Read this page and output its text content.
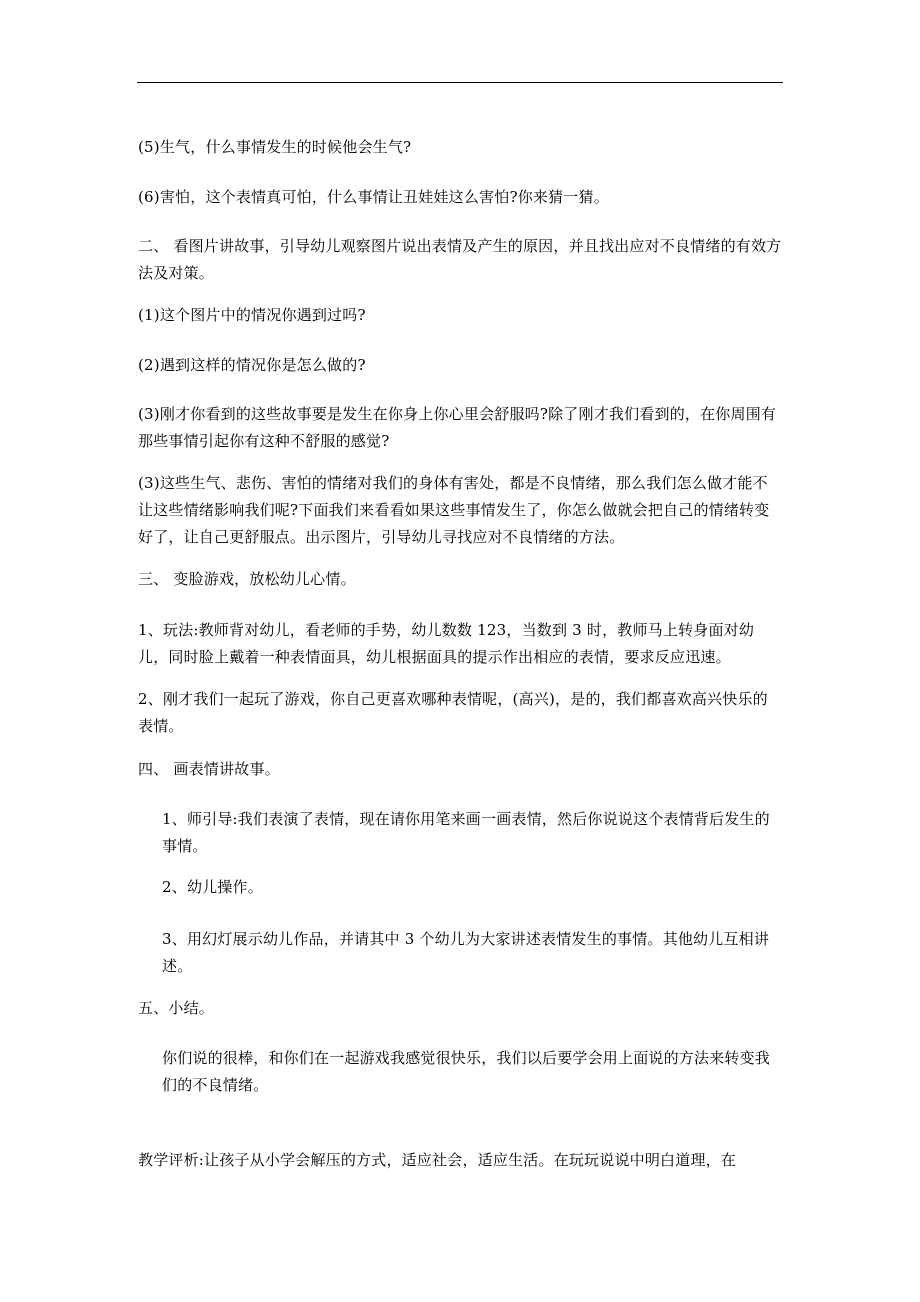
(5)生气，什么事情发生的时候他会生气?

(6)害怕，这个表情真可怕，什么事情让丑娃娃这么害怕?你来猜一猜。

二、 看图片讲故事，引导幼儿观察图片说出表情及产生的原因，并且找出应对不良情绪的有效方法及对策。

(1)这个图片中的情况你遇到过吗?

(2)遇到这样的情况你是怎么做的?

(3)刚才你看到的这些故事要是发生在你身上你心里会舒服吗?除了刚才我们看到的，在你周围有那些事情引起你有这种不舒服的感觉?

(3)这些生气、悲伤、害怕的情绪对我们的身体有害处，都是不良情绪，那么我们怎么做才能不让这些情绪影响我们呢?下面我们来看看如果这些事情发生了，你怎么做就会把自己的情绪转变好了，让自己更舒服点。出示图片，引导幼儿寻找应对不良情绪的方法。

三、 变脸游戏，放松幼儿心情。

1、玩法:教师背对幼儿，看老师的手势，幼儿数数 123，当数到 3 时，教师马上转身面对幼儿，同时脸上戴着一种表情面具，幼儿根据面具的提示作出相应的表情，要求反应迅速。

2、刚才我们一起玩了游戏，你自己更喜欢哪种表情呢，(高兴)，是的，我们都喜欢高兴快乐的表情。

四、 画表情讲故事。

1、师引导:我们表演了表情，现在请你用笔来画一画表情，然后你说说这个表情背后发生的事情。

2、幼儿操作。

3、用幻灯展示幼儿作品，并请其中 3 个幼儿为大家讲述表情发生的事情。其他幼儿互相讲述。

五、小结。

你们说的很棒，和你们在一起游戏我感觉很快乐，我们以后要学会用上面说的方法来转变我们的不良情绪。

教学评析:让孩子从小学会解压的方式，适应社会，适应生活。在玩玩说说中明白道理，在
